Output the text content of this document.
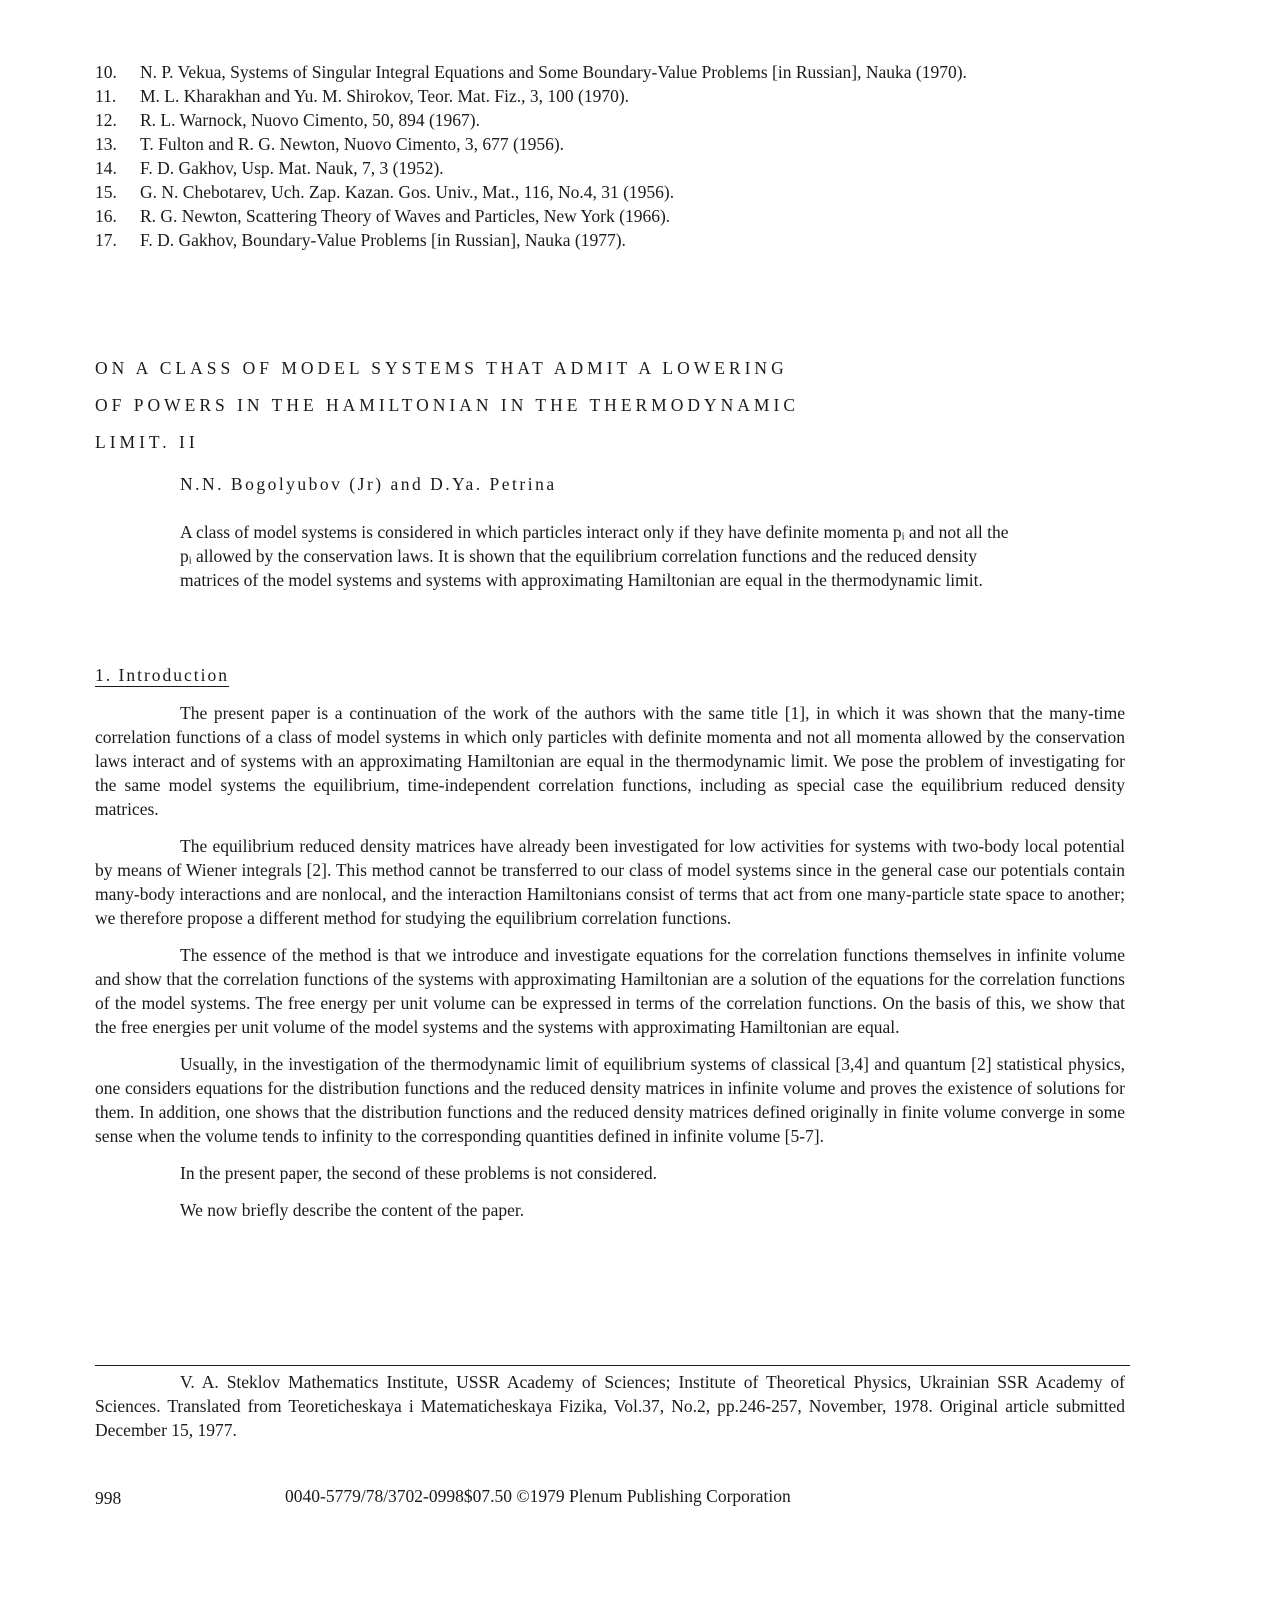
10. N. P. Vekua, Systems of Singular Integral Equations and Some Boundary-Value Problems [in Russian], Nauka (1970).

11. M. L. Kharakhan and Yu. M. Shirokov, Teor. Mat. Fiz., 3, 100 (1970).

12. R. L. Warnock, Nuovo Cimento, 50, 894 (1967).

13. T. Fulton and R. G. Newton, Nuovo Cimento, 3, 677 (1956).

14. F. D. Gakhov, Usp. Mat. Nauk, 7, 3 (1952).

15. G. N. Chebotarev, Uch. Zap. Kazan. Gos. Univ., Mat., 116, No.4, 31 (1956).

16. R. G. Newton, Scattering Theory of Waves and Particles, New York (1966).

17. F. D. Gakhov, Boundary-Value Problems [in Russian], Nauka (1977).

ON A CLASS OF MODEL SYSTEMS THAT ADMIT A LOWERING
OF POWERS IN THE HAMILTONIAN IN THE THERMODYNAMIC
LIMIT. II
N.N. Bogolyubov (Jr) and D.Ya. Petrina
A class of model systems is considered in which particles interact only if they have definite momenta pᵢ and not all the pᵢ allowed by the conservation laws. It is shown that the equilibrium correlation functions and the reduced density matrices of the model systems and systems with approximating Hamiltonian are equal in the thermodynamic limit.
1. Introduction

The present paper is a continuation of the work of the authors with the same title [1], in which it was shown that the many-time correlation functions of a class of model systems in which only particles with definite momenta and not all momenta allowed by the conservation laws interact and of systems with an approximating Hamiltonian are equal in the thermodynamic limit. We pose the problem of investigating for the same model systems the equilibrium, time-independent correlation functions, including as special case the equilibrium reduced density matrices.

The equilibrium reduced density matrices have already been investigated for low activities for systems with two-body local potential by means of Wiener integrals [2]. This method cannot be transferred to our class of model systems since in the general case our potentials contain many-body interactions and are nonlocal, and the interaction Hamiltonians consist of terms that act from one many-particle state space to another; we therefore propose a different method for studying the equilibrium correlation functions.

The essence of the method is that we introduce and investigate equations for the correlation functions themselves in infinite volume and show that the correlation functions of the systems with approximating Hamiltonian are a solution of the equations for the correlation functions of the model systems. The free energy per unit volume can be expressed in terms of the correlation functions. On the basis of this, we show that the free energies per unit volume of the model systems and the systems with approximating Hamiltonian are equal.

Usually, in the investigation of the thermodynamic limit of equilibrium systems of classical [3,4] and quantum [2] statistical physics, one considers equations for the distribution functions and the reduced density matrices in infinite volume and proves the existence of solutions for them. In addition, one shows that the distribution functions and the reduced density matrices defined originally in finite volume converge in some sense when the volume tends to infinity to the corresponding quantities defined in infinite volume [5-7].

In the present paper, the second of these problems is not considered.

We now briefly describe the content of the paper.

V. A. Steklov Mathematics Institute, USSR Academy of Sciences; Institute of Theoretical Physics, Ukrainian SSR Academy of Sciences. Translated from Teoreticheskaya i Matematicheskaya Fizika, Vol.37, No.2, pp.246-257, November, 1978. Original article submitted December 15, 1977.
998	0040-5779/78/3702-0998$07.50 ©1979 Plenum Publishing Corporation
